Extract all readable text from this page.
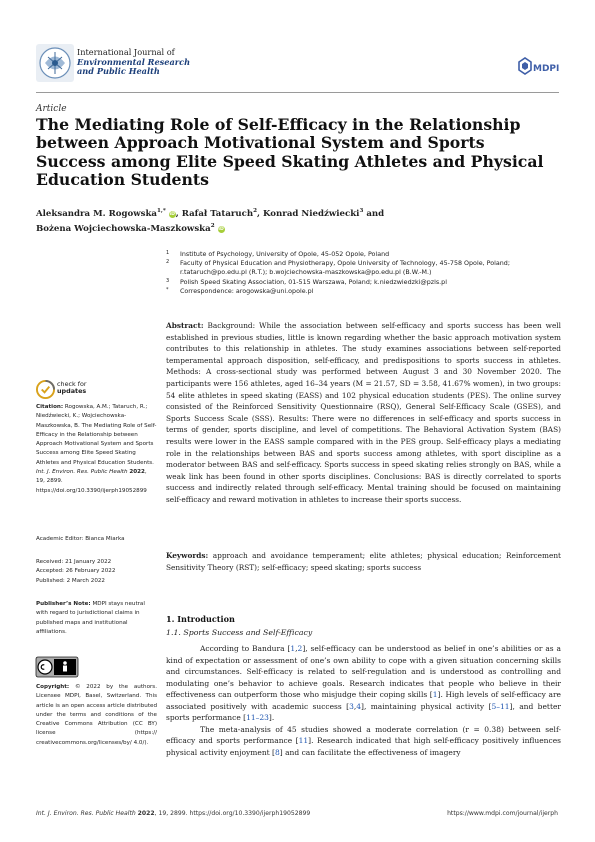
International Journal of
Environmental Research
and Public Health	MDPI
Article
The Mediating Role of Self-Efficacy in the Relationship between Approach Motivational System and Sports Success among Elite Speed Skating Athletes and Physical Education Students
Aleksandra M. Rogowska$^{1,*}$ iD, Rafał Tataruch$^2$, Konrad Niedźwiecki$^3$ and
Bożena Wojciechowska-Maszkowska$^2$ iD
1 Institute of Psychology, University of Opole, 45-052 Opole, Poland
2 Faculty of Physical Education and Physiotherapy, Opole University of Technology, 45-758 Opole, Poland; r.tataruch@po.edu.pl (R.T.); b.wojciechowska-maszkowska@po.edu.pl (B.W.-M.)
3 Polish Speed Skating Association, 01-515 Warszawa, Poland; k.niedzwiedzki@pzls.pl
* Correspondence: arogowska@uni.opole.pl
Abstract: Background: While the association between self-efficacy and sports success has been well established in previous studies, little is known regarding whether the basic approach motivation system contributes to this relationship in athletes. The study examines associations between self-reported temperamental approach disposition, self-efficacy, and predispositions to sports success in athletes. Methods: A cross-sectional study was performed between August 3 and 30 November 2020. The participants were 156 athletes, aged 16–34 years (M = 21.57, SD = 3.58, 41.67% women), in two groups: 54 elite athletes in speed skating (EASS) and 102 physical education students (PES). The online survey consisted of the Reinforced Sensitivity Questionnaire (RSQ), General Self-Efficacy Scale (GSES), and Sports Success Scale (SSS). Results: There were no differences in self-efficacy and sports success in terms of gender, sports discipline, and level of competitions. The Behavioral Activation System (BAS) results were lower in the EASS sample compared with in the PES group. Self-efficacy plays a mediating role in the relationships between BAS and sports success among athletes, with sport discipline as a moderator between BAS and self-efficacy. Sports success in speed skating relies strongly on BAS, while a weak link has been found in other sports disciplines. Conclusions: BAS is directly correlated to sports success and indirectly related through self-efficacy. Mental training should be focused on maintaining self-efficacy and reward motivation in athletes to increase their sports success.
Keywords: approach and avoidance temperament; elite athletes; physical education; Reinforcement Sensitivity Theory (RST); self-efficacy; speed skating; sports success
1. Introduction
1.1. Sports Success and Self-Efficacy

According to Bandura [1,2], self-efficacy can be understood as belief in one’s abilities or as a kind of expectation or assessment of one’s own ability to cope with a given situation concerning skills and circumstances. Self-efficacy is related to self-regulation and is understood as controlling and modulating one’s behavior to achieve goals. Research indicates that people who believe in their effectiveness can outperform those who misjudge their coping skills [1]. High levels of self-efficacy are associated positively with academic success [3,4], maintaining physical activity [5–11], and better sports performance [11–23].

The meta-analysis of 45 studies showed a moderate correlation (r = 0.38) between self-efficacy and sports performance [11]. Research indicated that high self-efficacy positively influences physical activity enjoyment [8] and can facilitate the effectiveness of imagery

check for
updates
Citation: Rogowska, A.M.; Tataruch, R.; Niedźwiecki, K.; Wojciechowska-Maszkowska, B. The Mediating Role of Self-Efficacy in the Relationship between Approach Motivational System and Sports Success among Elite Speed Skating Athletes and Physical Education Students. Int. J. Environ. Res. Public Health 2022, 19, 2899. https://doi.org/10.3390/ijerph19052899
Academic Editor: Bianca Miarka
Received: 21 January 2022
Accepted: 26 February 2022
Published: 2 March 2022
Publisher’s Note: MDPI stays neutral with regard to jurisdictional claims in published maps and institutional affiliations.
Copyright: © 2022 by the authors. Licensee MDPI, Basel, Switzerland. This article is an open access article distributed under the terms and conditions of the Creative Commons Attribution (CC BY) license (https:// creativecommons.org/licenses/by/ 4.0/).
Int. J. Environ. Res. Public Health 2022, 19, 2899. https://doi.org/10.3390/ijerph19052899	https://www.mdpi.com/journal/ijerph
